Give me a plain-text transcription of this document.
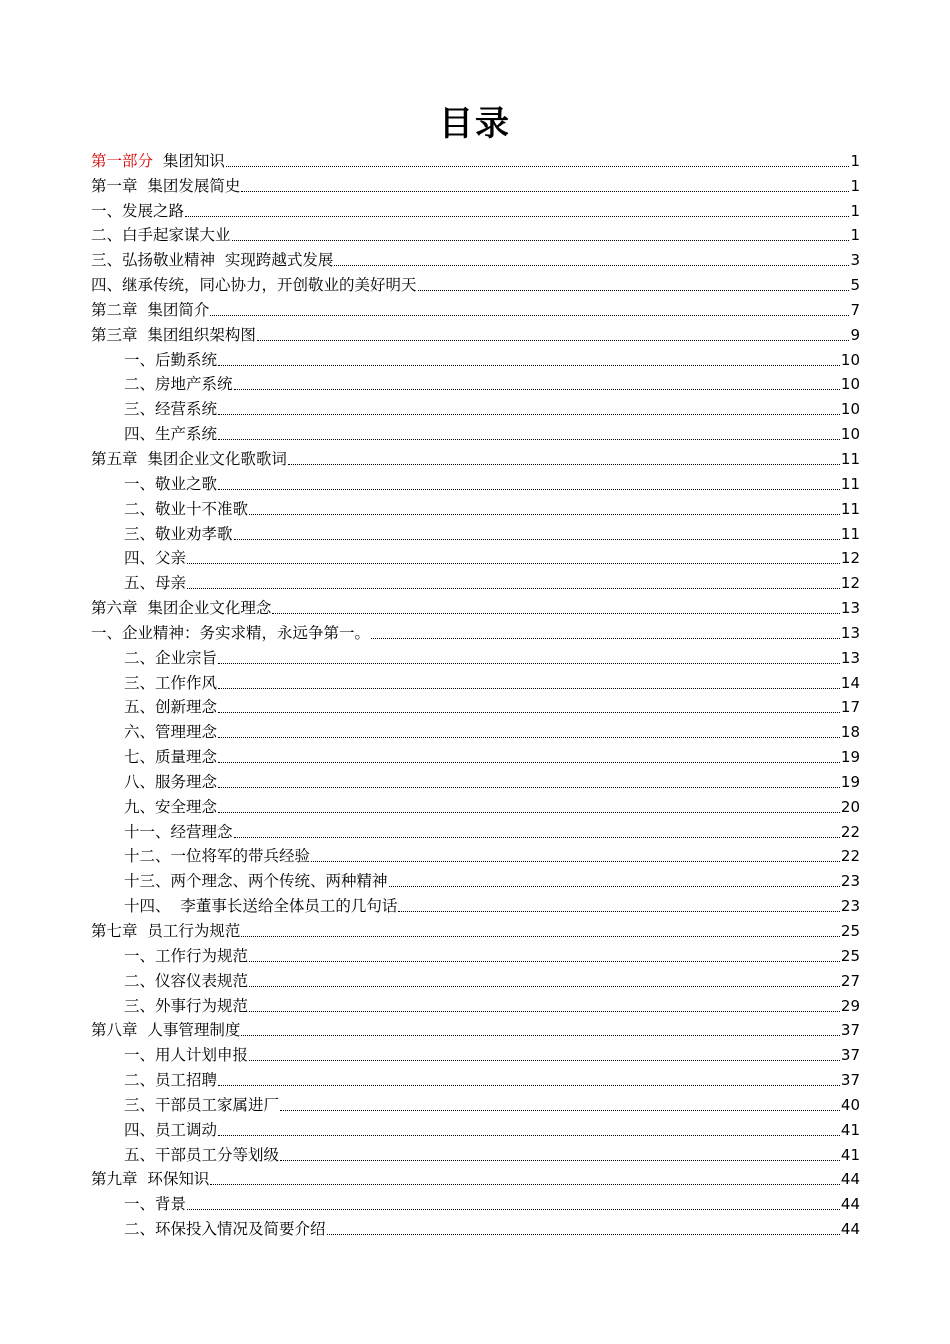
目录
第一部分 集团知识	1
第一章  集团发展简史	1
一、发展之路	1
二、白手起家谋大业	1
三、弘扬敬业精神  实现跨越式发展	3
四、继承传统，同心协力，开创敬业的美好明天	5
第二章  集团简介	7
第三章  集团组织架构图	9
一、后勤系统	10
二、房地产系统	10
三、经营系统	10
四、生产系统	10
第五章  集团企业文化歌歌词	11
一、敬业之歌	11
二、敬业十不准歌	11
三、敬业劝孝歌	11
四、父亲	12
五、母亲	12
第六章  集团企业文化理念	13
一、企业精神：务实求精，永远争第一。	13
二、企业宗旨	13
三、工作作风	14
五、创新理念	17
六、管理理念	18
七、质量理念	19
八、服务理念	19
九、安全理念	20
十一、经营理念	22
十二、一位将军的带兵经验	22
十三、两个理念、两个传统、两种精神	23
十四、  李董事长送给全体员工的几句话	23
第七章  员工行为规范	25
一、工作行为规范	25
二、仪容仪表规范	27
三、外事行为规范	29
第八章  人事管理制度	37
一、用人计划申报	37
二、员工招聘	37
三、干部员工家属进厂	40
四、员工调动	41
五、干部员工分等划级	41
第九章  环保知识	44
一、背景	44
二、环保投入情况及简要介绍	44
